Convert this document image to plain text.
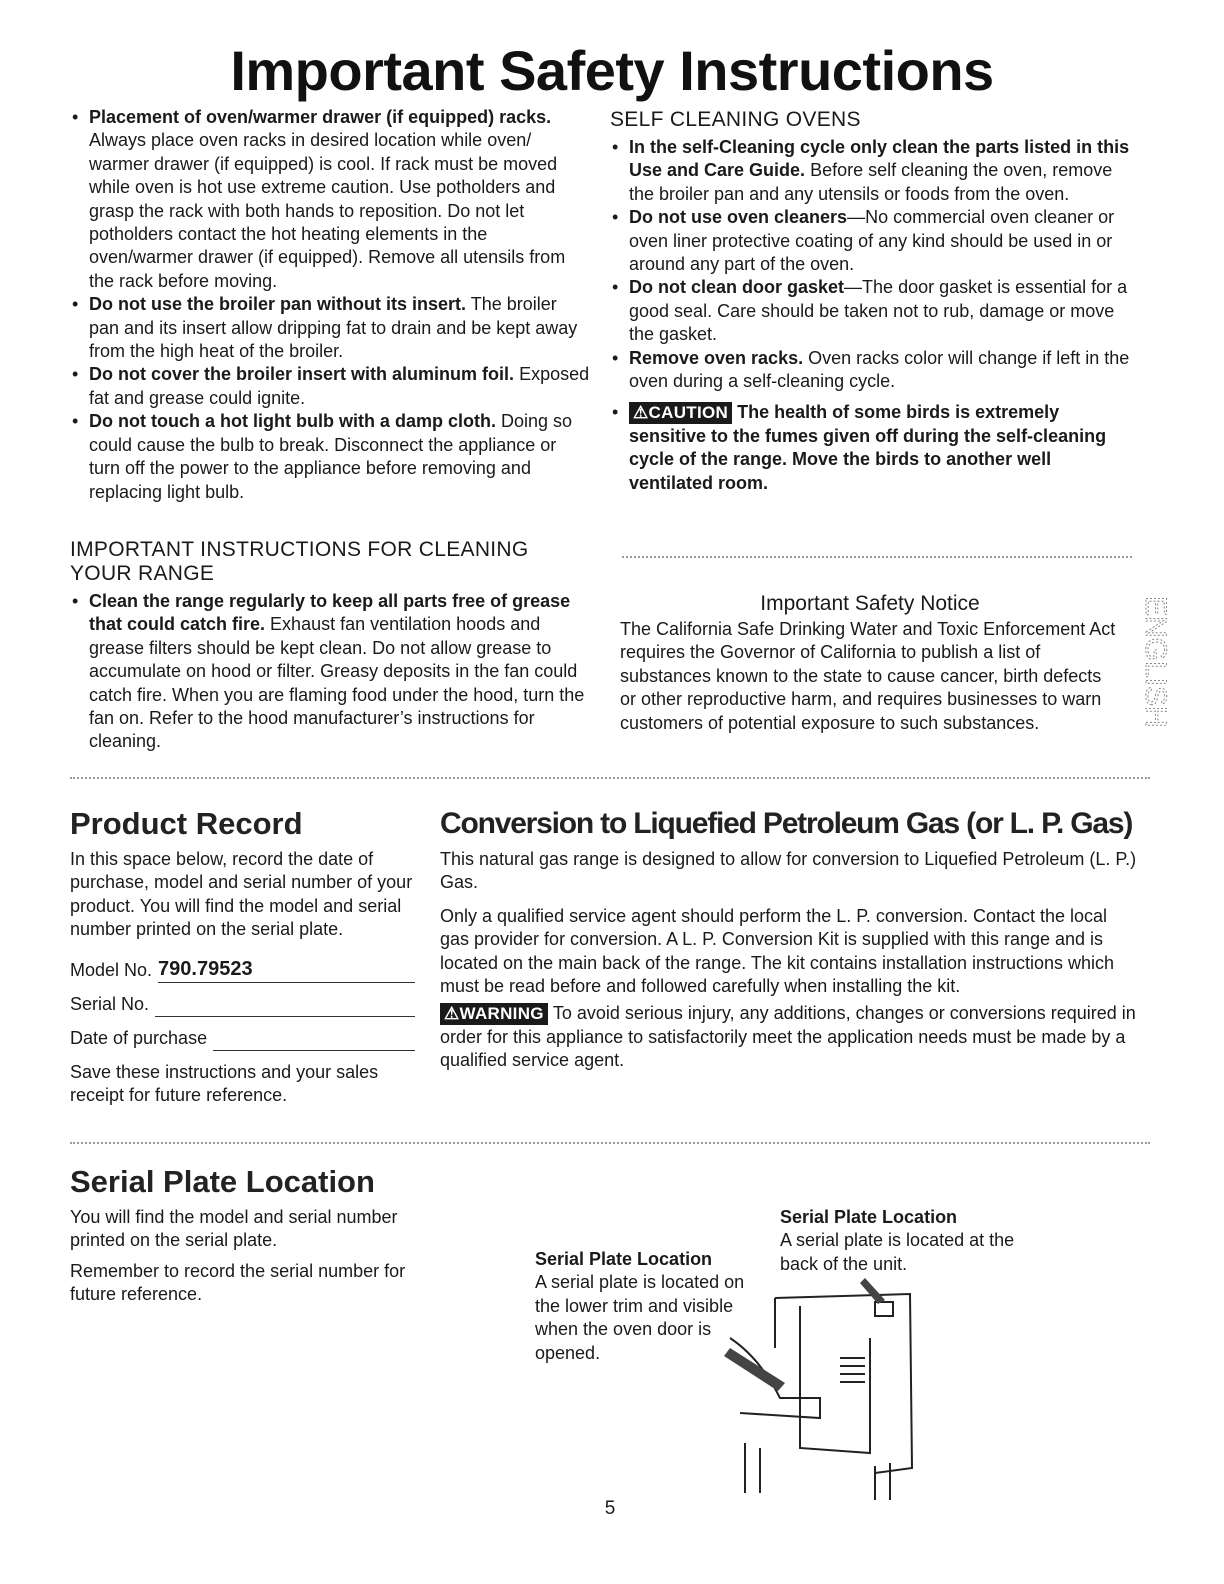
Important Safety Instructions
• Placement of oven/warmer drawer (if equipped) racks. Always place oven racks in desired location while oven/ warmer drawer (if equipped) is cool. If rack must be moved while oven is hot use extreme caution. Use potholders and grasp the rack with both hands to reposition. Do not let potholders contact the hot heating elements in the oven/warmer drawer (if equipped). Remove all utensils from the rack before moving.
• Do not use the broiler pan without its insert. The broiler pan and its insert allow dripping fat to drain and be kept away from the high heat of the broiler.
• Do not cover the broiler insert with aluminum foil. Exposed fat and grease could ignite.
• Do not touch a hot light bulb with a damp cloth. Doing so could cause the bulb to break. Disconnect the appliance or turn off the power to the appliance before removing and replacing light bulb.
IMPORTANT INSTRUCTIONS FOR CLEANING YOUR RANGE
• Clean the range regularly to keep all parts free of grease that could catch fire. Exhaust fan ventilation hoods and grease filters should be kept clean. Do not allow grease to accumulate on hood or filter. Greasy deposits in the fan could catch fire. When you are flaming food under the hood, turn the fan on. Refer to the hood manufacturer’s instructions for cleaning.
SELF CLEANING OVENS
• In the self-Cleaning cycle only clean the parts listed in this Use and Care Guide. Before self cleaning the oven, remove the broiler pan and any utensils or foods from the oven.
• Do not use oven cleaners—No commercial oven cleaner or oven liner protective coating of any kind should be used in or around any part of the oven.
• Do not clean door gasket—The door gasket is essential for a good seal. Care should be taken not to rub, damage or move the gasket.
• Remove oven racks. Oven racks color will change if left in the oven during a self-cleaning cycle.
• ⚠CAUTION The health of some birds is extremely sensitive to the fumes given off during the self-cleaning cycle of the range. Move the birds to another well ventilated room.
Important Safety Notice

The California Safe Drinking Water and Toxic Enforcement Act requires the Governor of California to publish a list of substances known to the state to cause cancer, birth defects or other reproductive harm, and requires businesses to warn customers of potential exposure to such substances.	ENGLISH
Product Record

In this space below, record the date of purchase, model and serial number of your product. You will find the model and serial number printed on the serial plate.

Model No. 790.79523
Serial No.
Date of purchase

Save these instructions and your sales receipt for future reference.

Conversion to Liquefied Petroleum Gas (or L. P. Gas)

This natural gas range is designed to allow for conversion to Liquefied Petroleum (L. P.) Gas.

Only a qualified service agent should perform the L. P. conversion. Contact the local gas provider for conversion. A L. P. Conversion Kit is supplied with this range and is located on the main back of the range. The kit contains installation instructions which must be read before and followed carefully when installing the kit.

⚠WARNING To avoid serious injury, any additions, changes or conversions required in order for this appliance to satisfactorily meet the application needs must be made by a qualified service agent.

Serial Plate Location

You will find the model and serial number printed on the serial plate.

Remember to record the serial number for future reference.

Serial Plate Location
A serial plate is located on the lower trim and visible when the oven door is opened.
Serial Plate Location
A serial plate is located at the back of the unit.
5
